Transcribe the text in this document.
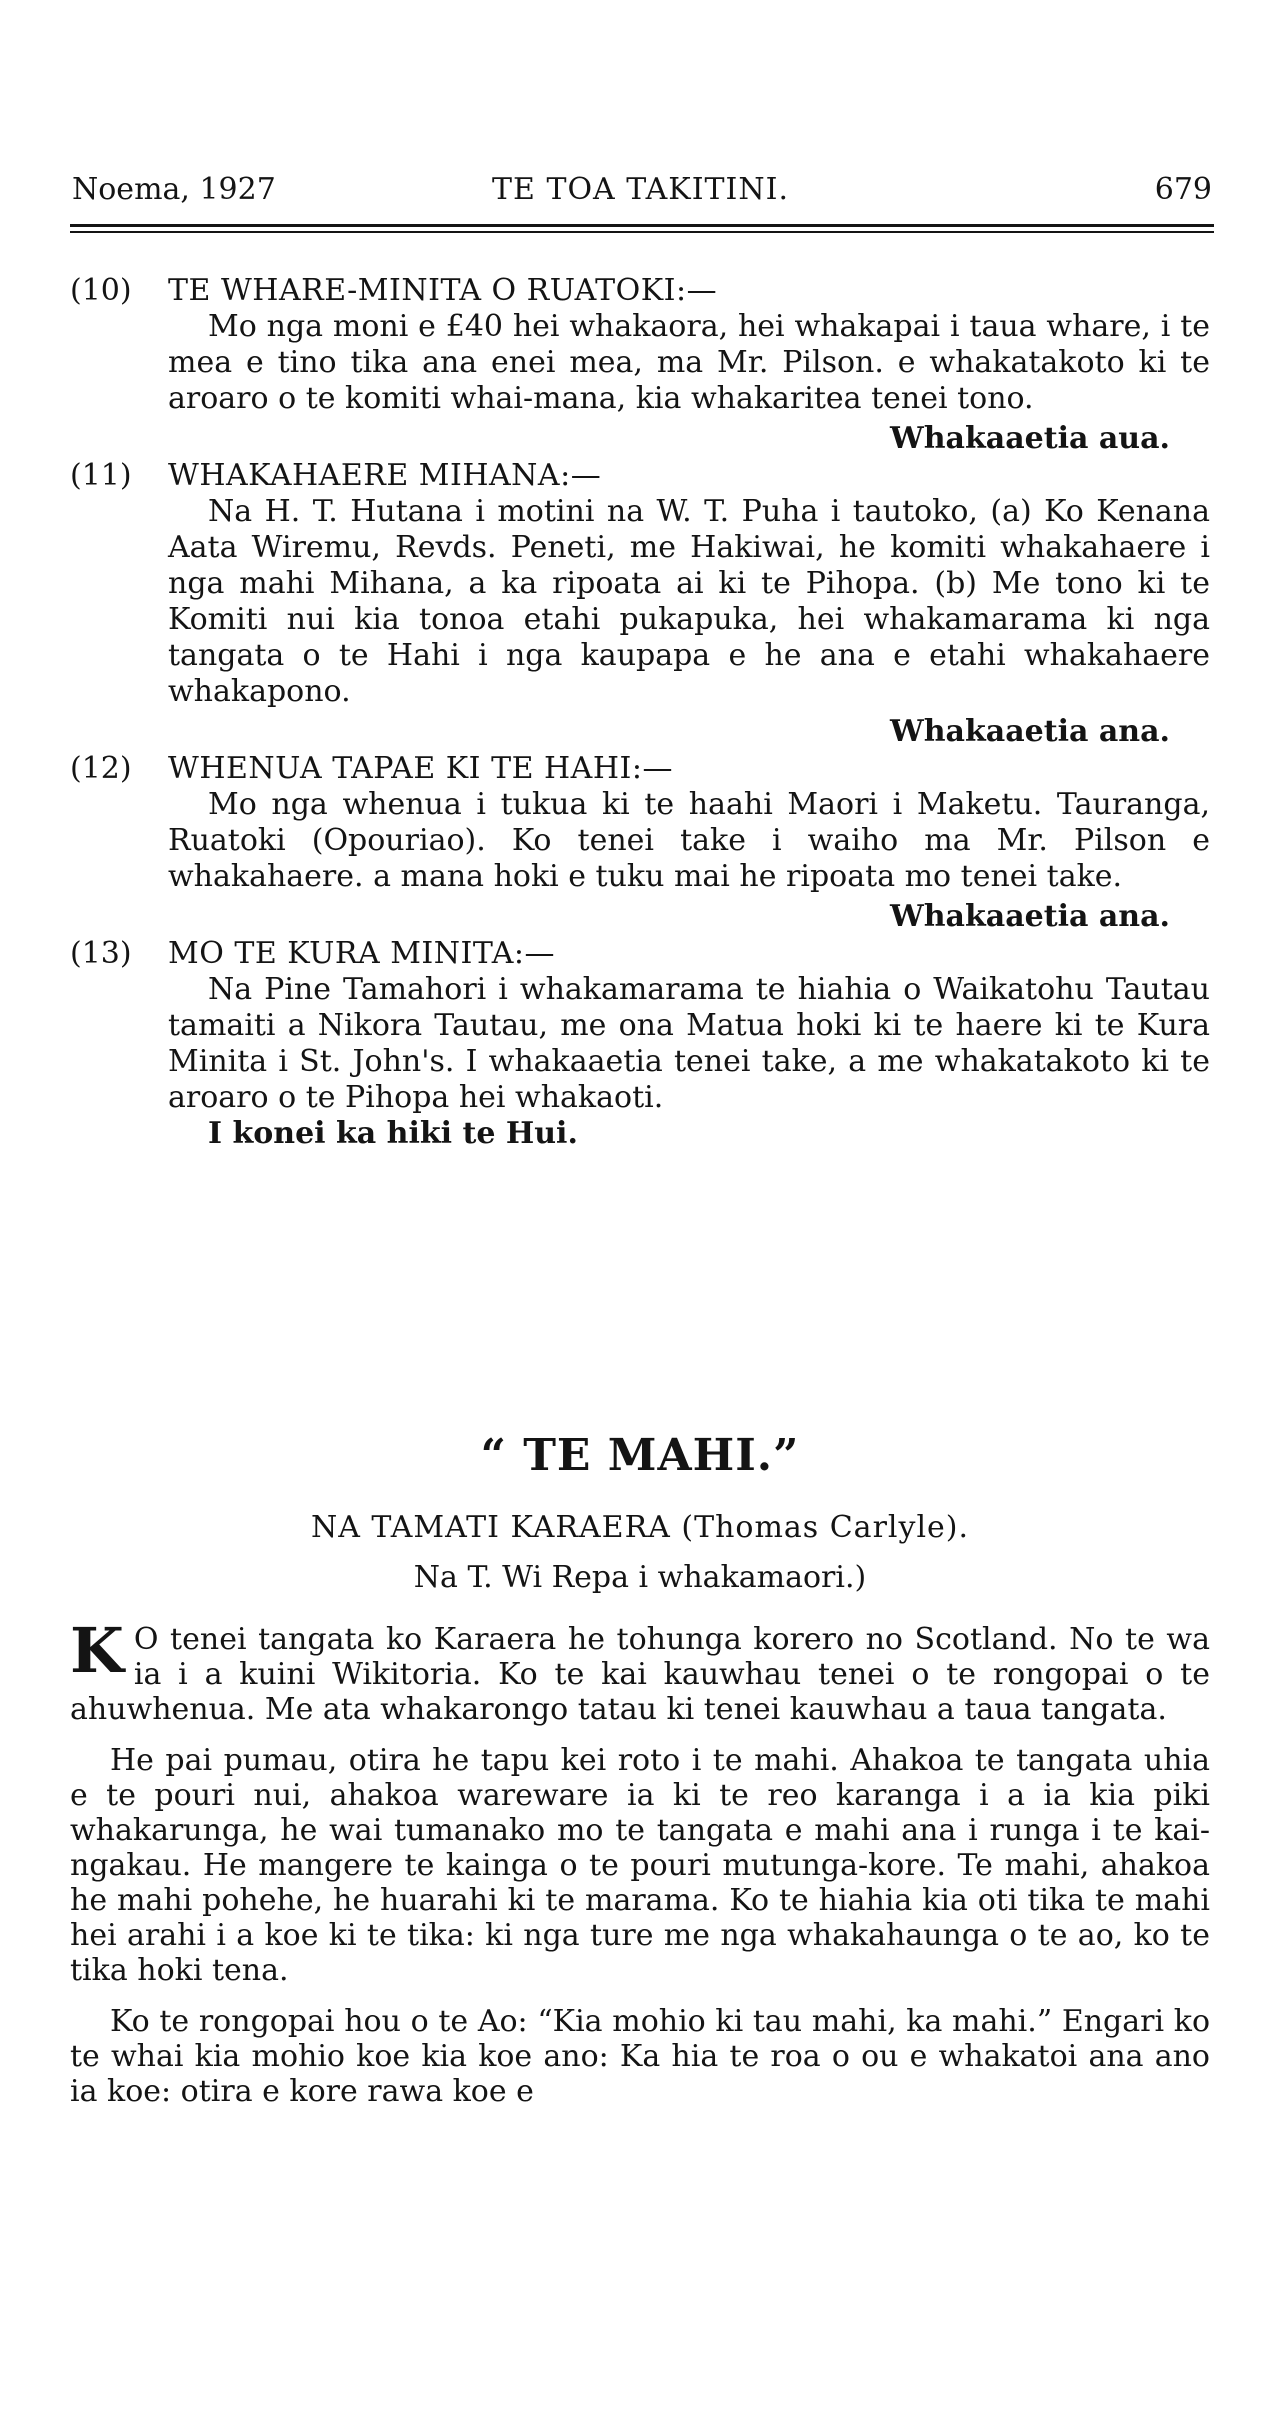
Noema, 1927	TE TOA TAKITINI.	679
(10) TE WHARE-MINITA O RUATOKI:—
Mo nga moni e £40 hei whakaora, hei whakapai i taua whare, i te mea e tino tika ana enei mea, ma Mr. Pilson. e whakatakoto ki te aroaro o te komiti whai-mana, kia whakaritea tenei tono.
Whakaaetia aua.
(11) WHAKAHAERE MIHANA:—
Na H. T. Hutana i motini na W. T. Puha i tautoko, (a) Ko Kenana Aata Wiremu, Revds. Peneti, me Hakiwai, he komiti whakahaere i nga mahi Mihana, a ka ripoata ai ki te Pihopa. (b) Me tono ki te Komiti nui kia tonoa etahi pukapuka, hei whakamarama ki nga tangata o te Hahi i nga kaupapa e he ana e etahi whakahaere whakapono.
Whakaaetia ana.
(12) WHENUA TAPAE KI TE HAHI:—
Mo nga whenua i tukua ki te haahi Maori i Maketu. Tauranga, Ruatoki (Opouriao). Ko tenei take i waiho ma Mr. Pilson e whakahaere. a mana hoki e tuku mai he ripoata mo tenei take.
Whakaaetia ana.
(13) MO TE KURA MINITA:—
Na Pine Tamahori i whakamarama te hiahia o Waikatohu Tautau tamaiti a Nikora Tautau, me ona Matua hoki ki te haere ki te Kura Minita i St. John's. I whakaaetia tenei take, a me whakatakoto ki te aroaro o te Pihopa hei whakaoti.
I konei ka hiki te Hui.
“ TE MAHI.”
NA TAMATI KARAERA (Thomas Carlyle).
Na T. Wi Repa i whakamaori.)

K O tenei tangata ko Karaera he tohunga korero no Scotland. No te wa ia i a kuini Wikitoria. Ko te kai kauwhau tenei o te rongopai o te ahuwhenua. Me ata whakarongo tatau ki tenei kauwhau a taua tangata.

He pai pumau, otira he tapu kei roto i te mahi. Ahakoa te tangata uhia e te pouri nui, ahakoa wareware ia ki te reo karanga i a ia kia piki whakarunga, he wai tumanako mo te tangata e mahi ana i runga i te kai-ngakau. He mangere te kainga o te pouri mutunga-kore. Te mahi, ahakoa he mahi pohehe, he huarahi ki te marama. Ko te hiahia kia oti tika te mahi hei arahi i a koe ki te tika: ki nga ture me nga whakahaunga o te ao, ko te tika hoki tena.

Ko te rongopai hou o te Ao: “Kia mohio ki tau mahi, ka mahi.” Engari ko te whai kia mohio koe kia koe ano: Ka hia te roa o ou e whakatoi ana ano ia koe: otira e kore rawa koe e
